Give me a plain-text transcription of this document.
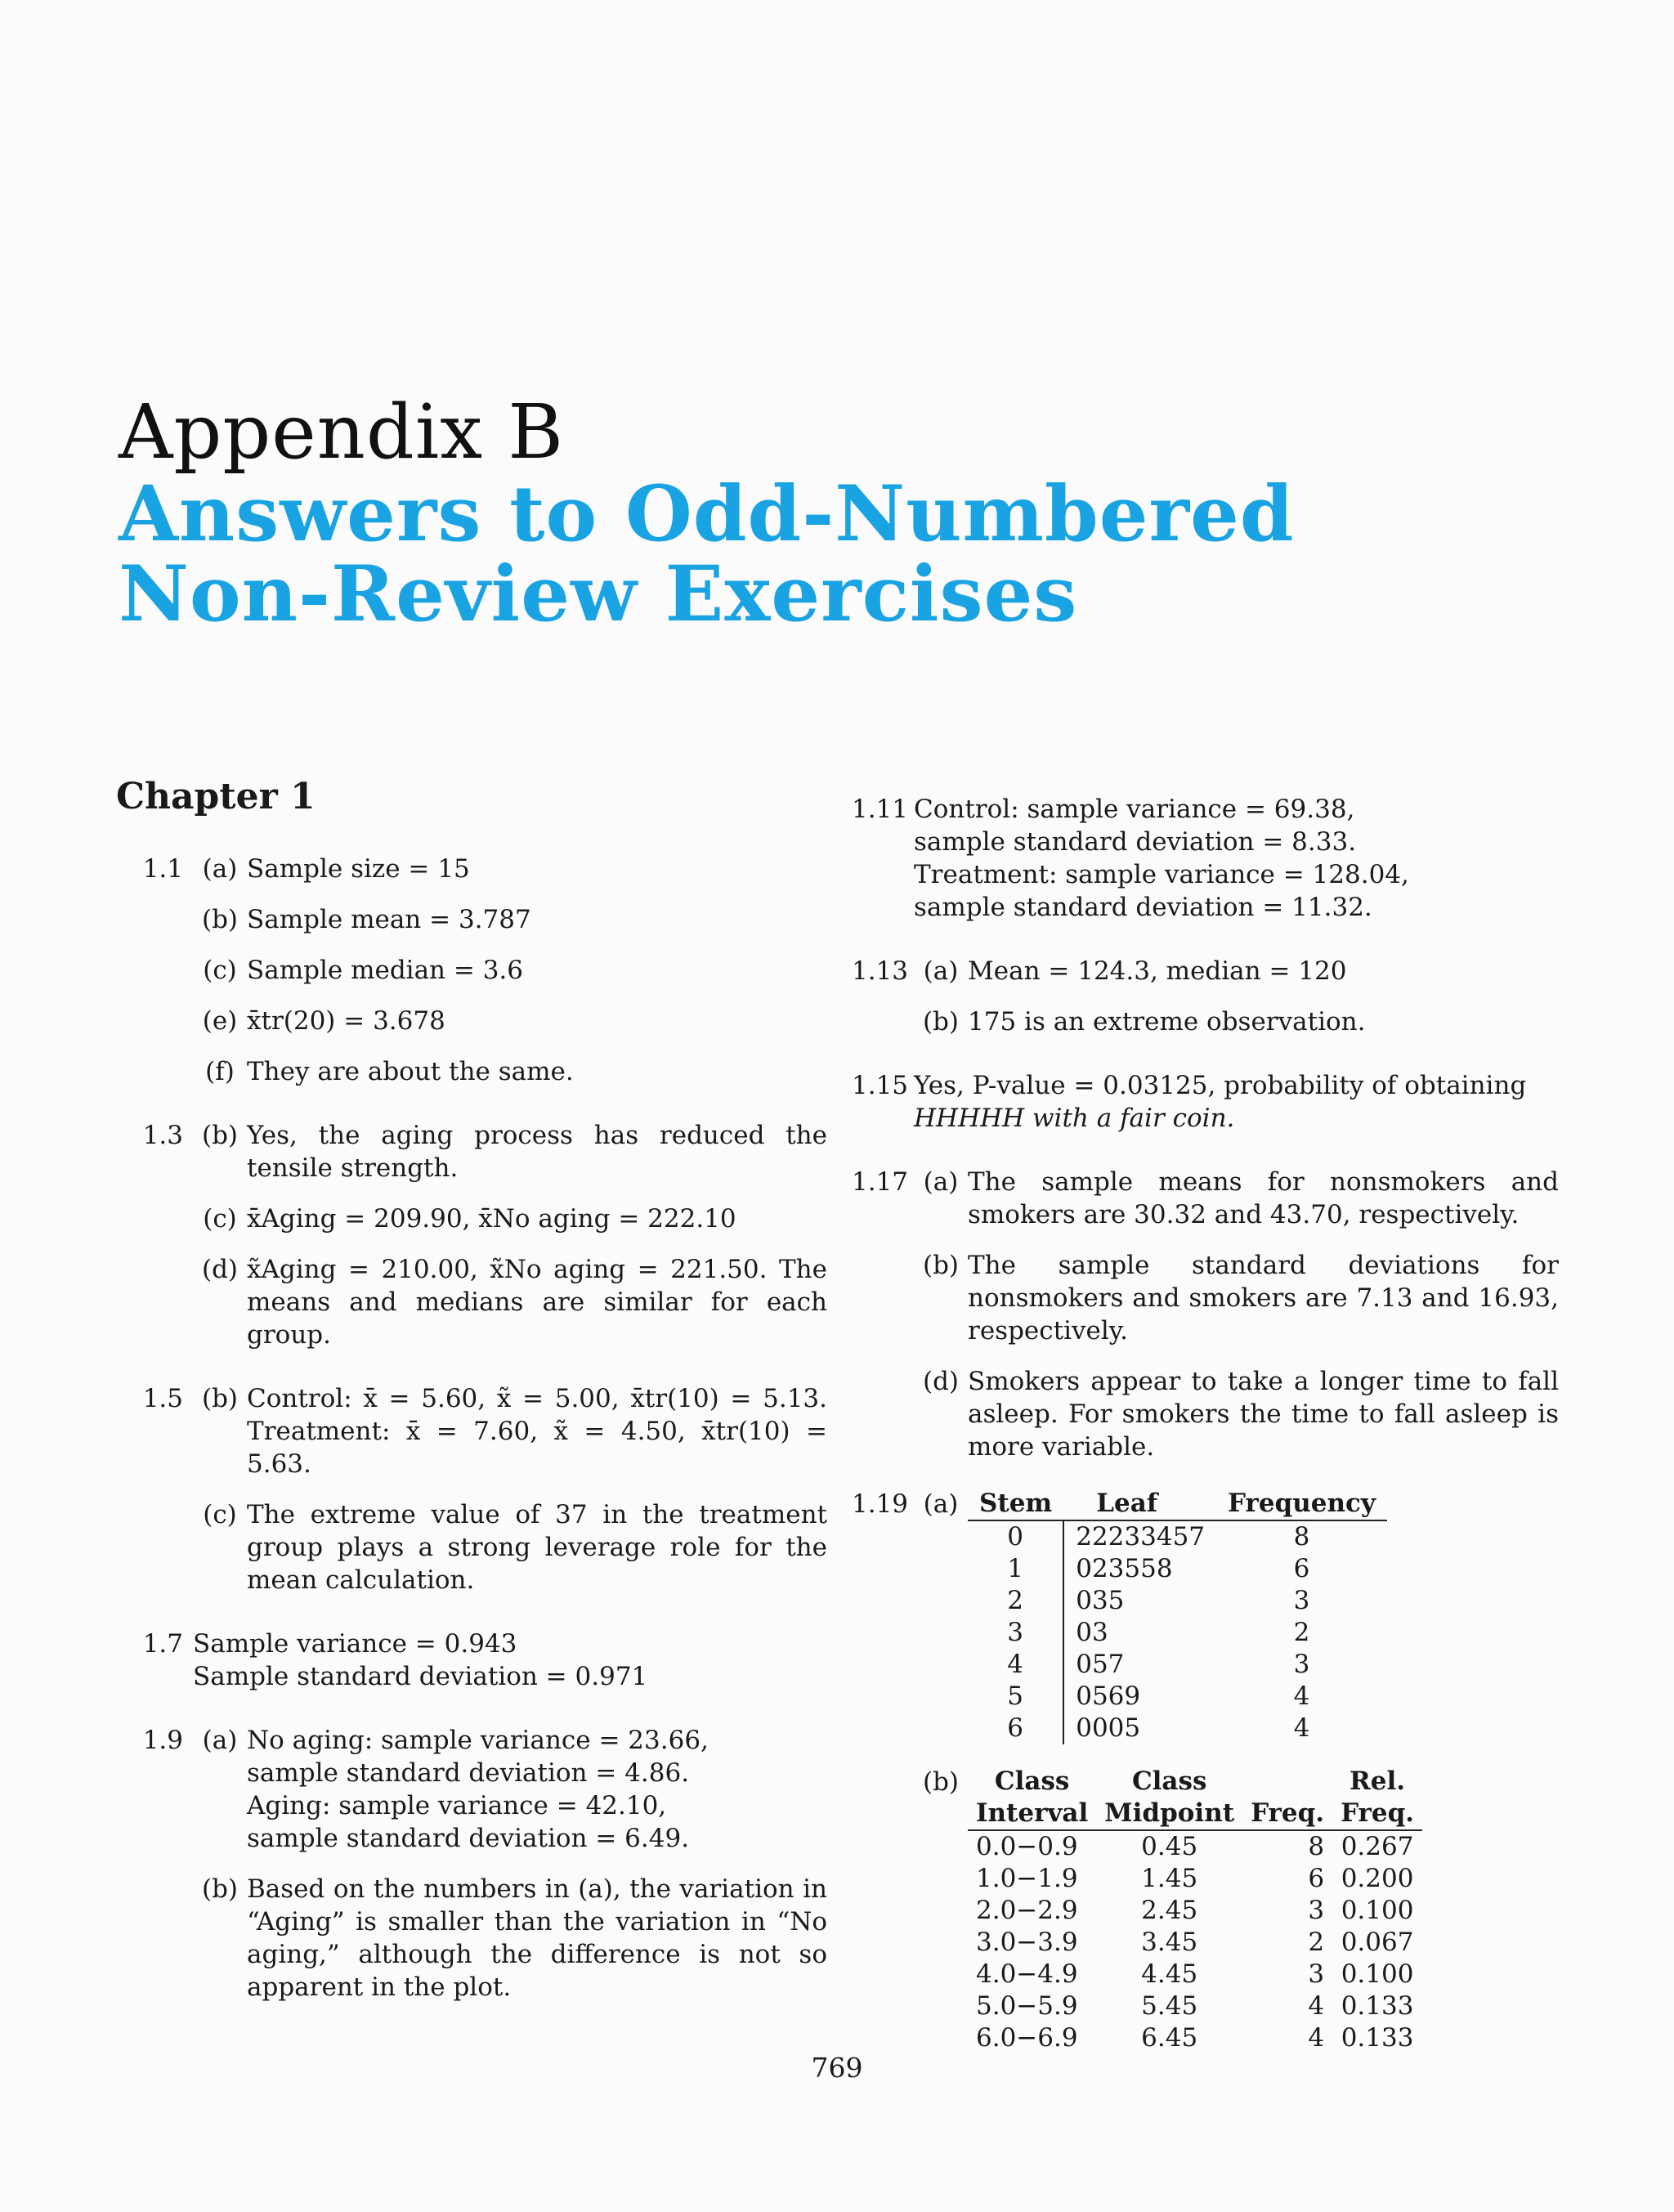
Appendix B
Answers to Odd-Numbered
Non-Review Exercises
Chapter 1
1.1 (a) Sample size = 15
(b) Sample mean = 3.787
(c) Sample median = 3.6
(e) x̄tr(20) = 3.678
(f) They are about the same.
1.3 (b) Yes, the aging process has reduced the tensile strength.
(c) x̄Aging = 209.90, x̄No aging = 222.10
(d) x̃Aging = 210.00, x̃No aging = 221.50. The means and medians are similar for each group.
1.5 (b) Control: x̄ = 5.60, x̃ = 5.00, x̄tr(10) = 5.13. Treatment: x̄ = 7.60, x̃ = 4.50, x̄tr(10) = 5.63.
(c) The extreme value of 37 in the treatment group plays a strong leverage role for the mean calculation.
1.7 Sample variance = 0.943
Sample standard deviation = 0.971
1.9 (a) No aging: sample variance = 23.66,
sample standard deviation = 4.86.
Aging: sample variance = 42.10,
sample standard deviation = 6.49.
(b) Based on the numbers in (a), the variation in “Aging” is smaller than the variation in “No aging,” although the difference is not so apparent in the plot.
1.11 Control: sample variance = 69.38,
sample standard deviation = 8.33.
Treatment: sample variance = 128.04,
sample standard deviation = 11.32.
1.13 (a) Mean = 124.3, median = 120
(b) 175 is an extreme observation.
1.15 Yes, P-value = 0.03125, probability of obtaining
HHHHH with a fair coin.
1.17 (a) The sample means for nonsmokers and smokers are 30.32 and 43.70, respectively.
(b) The sample standard deviations for nonsmokers and smokers are 7.13 and 16.93, respectively.
(d) Smokers appear to take a longer time to fall asleep. For smokers the time to fall asleep is more variable.
1.19 (a) Stem	Leaf	Frequency
0	22233457	8
1	023558	6
2	035	3
3	03	2
4	057	3
5	0569	4
6	0005	4
(b)	Class	Class		Rel.
Interval	Midpoint	Freq.	Freq.
0.0−0.9	0.45	8	0.267
1.0−1.9	1.45	6	0.200
2.0−2.9	2.45	3	0.100
3.0−3.9	3.45	2	0.067
4.0−4.9	4.45	3	0.100
5.0−5.9	5.45	4	0.133
6.0−6.9	6.45	4	0.133
769
